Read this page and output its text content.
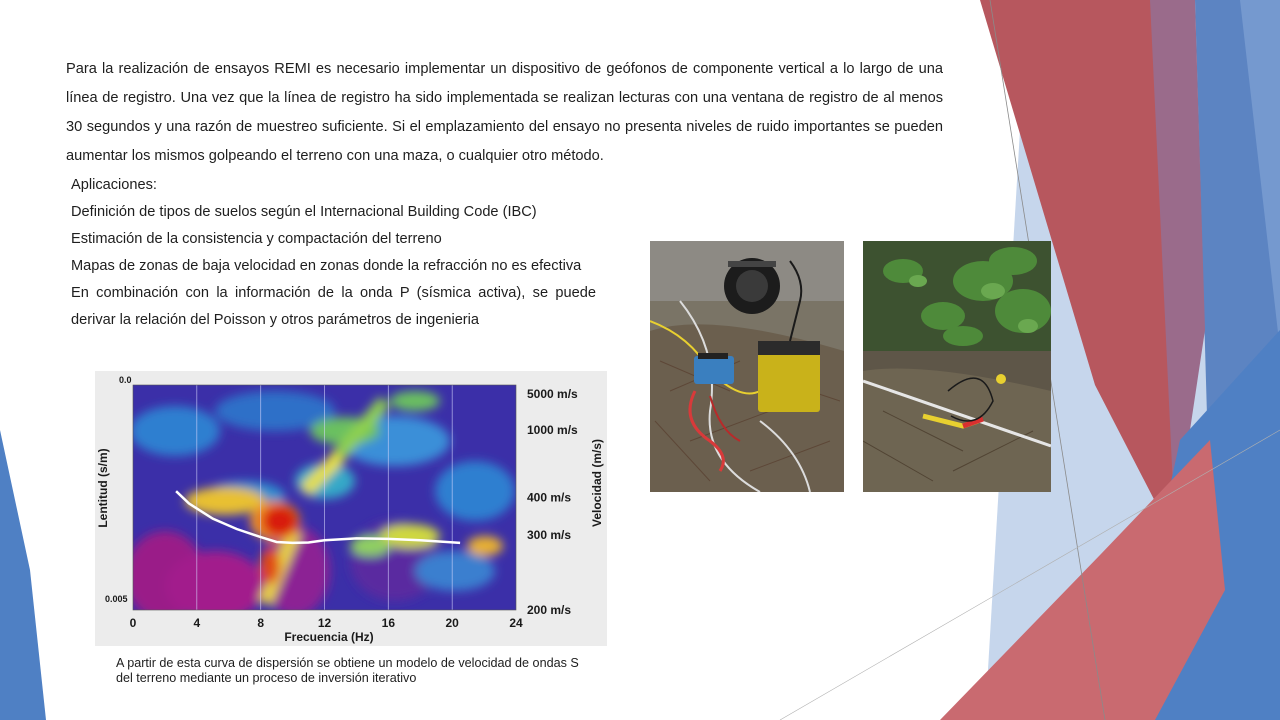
Para la realización de ensayos REMI es necesario implementar un dispositivo de geófonos de componente vertical a lo largo de una línea de registro. Una vez que la línea de registro ha sido implementada se realizan lecturas con una ventana de registro de al menos 30 segundos y una razón de muestreo suficiente. Si el emplazamiento del ensayo no presenta niveles de ruido importantes se pueden aumentar los mismos golpeando el terreno con una maza, o cualquier otro método.

Aplicaciones:
Definición de tipos de suelos según el Internacional Building Code (IBC)
Estimación de la consistencia y compactación del terreno
Mapas de zonas de baja velocidad en zonas donde la refracción no es efectiva
En combinación con la información de la onda P (sísmica activa), se puede
derivar la relación del Poisson y otros parámetros de ingenieria
0.0
0.005
Lentitud (s/m)	Velocidad (m/s)
0	4	8	12	16	20	24
5000 m/s
1000 m/s
400 m/s
300 m/s
200 m/s
Frecuencia (Hz)

A partir de esta curva de dispersión se obtiene un modelo de velocidad de ondas S del terreno mediante un proceso de inversión iterativo
